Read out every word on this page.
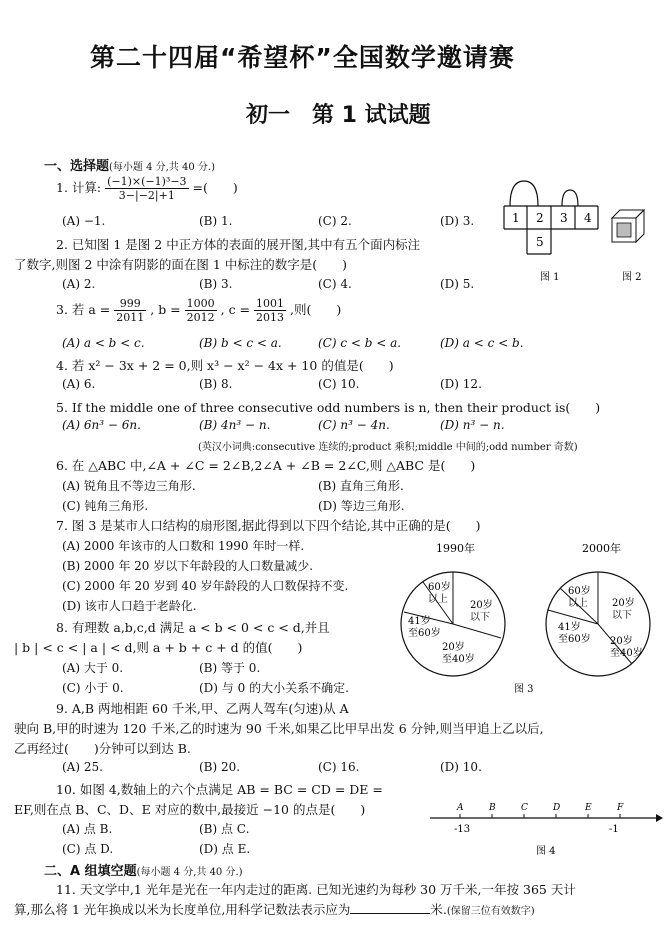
第二十四届“希望杯”全国数学邀请赛
初一　第 1 试试题
一、选择题(每小题 4 分,共 40 分.)
1. 计算: $\frac{\text{(−1)×(−1)³−3}}{3-|-2|+1}$ =(　　)
(A) −1.	(B) 1.	(C) 2.	(D) 3.	1 2 3 4
5
图 1	图 2
2. 已知图 1 是图 2 中正方体的表面的展开图,其中有五个面内标注
了数字,则图 2 中涂有阴影的面在图 1 中标注的数字是(　　)
(A) 2.	(B) 3.	(C) 4.	(D) 5.
3. 若 $a = \frac{999}{2011}$ , $b = \frac{1000}{2012}$ , $c = \frac{1001}{2013}$ ,则(　　)
(A) a < b < c.	(B) b < c < a.	(C) c < b < a.	(D) a < c < b.
4. 若 x² − 3x + 2 = 0,则 x³ − x² − 4x + 10 的值是(　　)
(A) 6.	(B) 8.	(C) 10.	(D) 12.
5. If the middle one of three consecutive odd numbers is n, then their product is(　　)
(A) 6n³ − 6n.	(B) 4n³ − n.	(C) n³ − 4n.	(D) n³ − n.
(英汉小词典:consecutive 连续的;product 乘积;middle 中间的;odd number 奇数)
6. 在 △ABC 中,∠A + ∠C = 2∠B,2∠A + ∠B = 2∠C,则 △ABC 是(　　)
(A) 锐角且不等边三角形.	(B) 直角三角形.
(C) 钝角三角形.	(D) 等边三角形.
7. 图 3 是某市人口结构的扇形图,据此得到以下四个结论,其中正确的是(　　)
(A) 2000 年该市的人口数和 1990 年时一样.
(B) 2000 年 20 岁以下年龄段的人口数量减少.
(C) 2000 年 20 岁到 40 岁年龄段的人口数保持不变.
(D) 该市人口趋于老龄化.
1990年
20岁
以下
20岁
至40岁
41岁
至60岁
60岁
以上
2000年
20岁
以下
20岁
至40岁
41岁
至60岁
60岁
以上
图 3
8. 有理数 a,b,c,d 满足 a < b < 0 < c < d,并且
| b | < c < | a | < d,则 a + b + c + d 的值(　　)
(A) 大于 0.	(B) 等于 0.
(C) 小于 0.	(D) 与 0 的大小关系不确定.
9. A,B 两地相距 60 千米,甲、乙两人驾车(匀速)从 A
驶向 B,甲的时速为 120 千米,乙的时速为 90 千米,如果乙比甲早出发 6 分钟,则当甲追上乙以后,
乙再经过(　　)分钟可以到达 B.
(A) 25.	(B) 20.	(C) 16.	(D) 10.
10. 如图 4,数轴上的六个点满足 AB = BC = CD = DE =
EF,则在点 B、C、D、E 对应的数中,最接近 −10 的点是(　　)
(A) 点 B.	(B) 点 C.
(C) 点 D.	(D) 点 E.
A	B	C	D	E	F
-13	-1
图 4
二、A 组填空题(每小题 4 分,共 40 分.)
11. 天文学中,1 光年是光在一年内走过的距离. 已知光速约为每秒 30 万千米,一年按 365 天计
算,那么将 1 光年换成以米为长度单位,用科学记数法表示应为	米.(保留三位有效数字)
